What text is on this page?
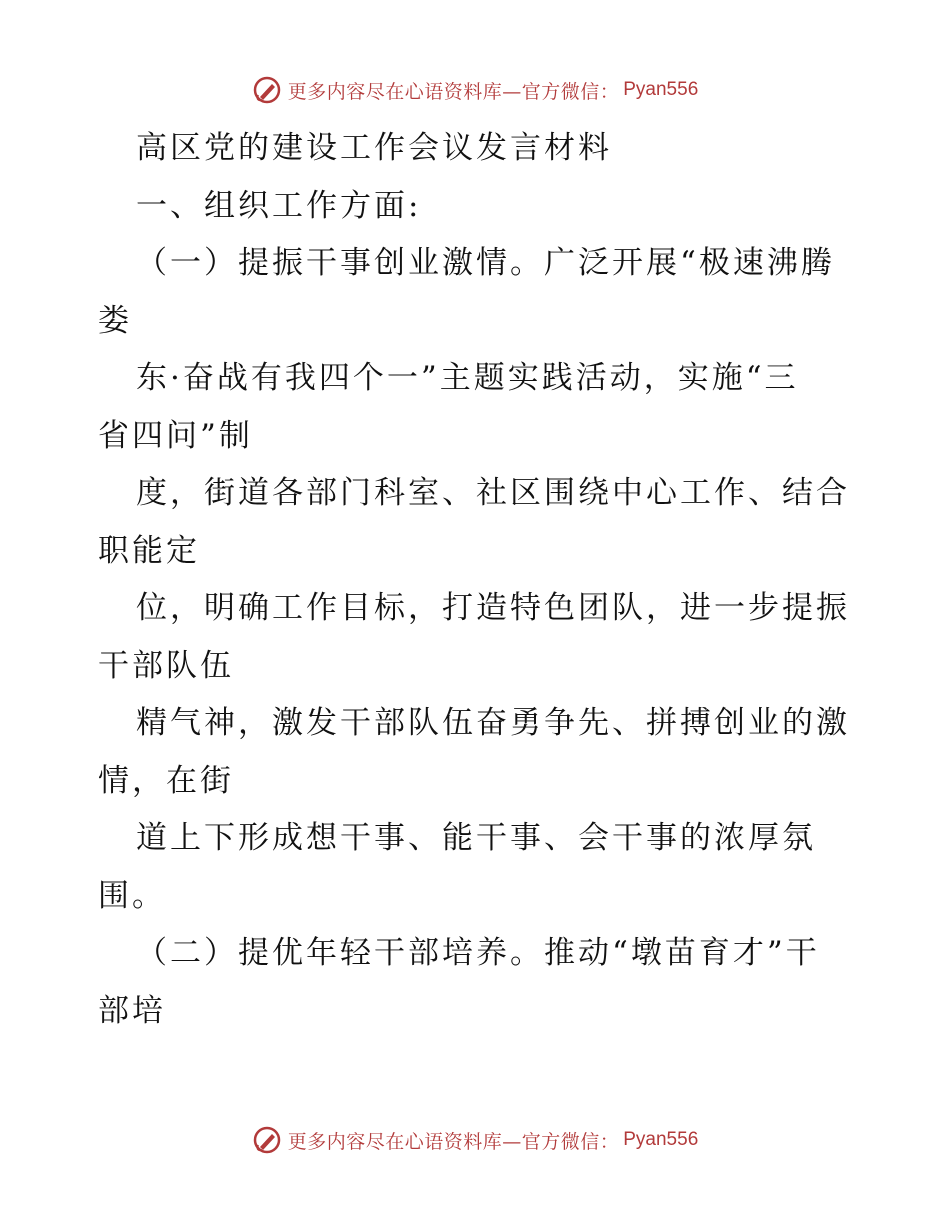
更多内容尽在心语资料库—官方微信： Pyan556
高区党的建设工作会议发言材料
一、组织工作方面:
（一）提振干事创业激情。广泛开展“极速沸腾
娄
东·奋战有我四个一”主题实践活动，实施“三
省四问”制
度，街道各部门科室、社区围绕中心工作、结合
职能定
位，明确工作目标，打造特色团队，进一步提振
干部队伍
精气神，激发干部队伍奋勇争先、拼搏创业的激
情，在街
道上下形成想干事、能干事、会干事的浓厚氛
围。
（二）提优年轻干部培养。推动“墩苗育才”干
部培
更多内容尽在心语资料库—官方微信： Pyan556
